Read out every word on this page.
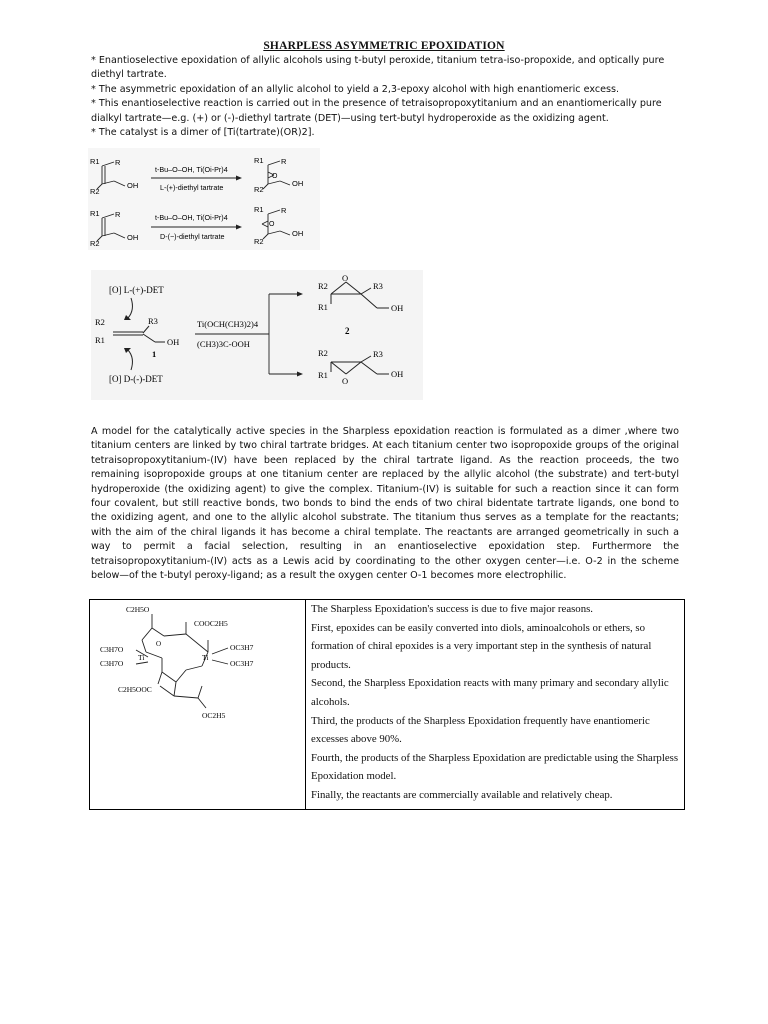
SHARPLESS ASYMMETRIC EPOXIDATION

* Enantioselective epoxidation of allylic alcohols using t-butyl peroxide, titanium tetra-iso-propoxide, and optically pure diethyl tartrate.

* The asymmetric epoxidation of an allylic alcohol to yield a 2,3-epoxy alcohol with high enantiomeric excess.

* This enantioselective reaction is carried out in the presence of tetraisopropoxytitanium and an enantiomerically pure dialkyl tartrate—e.g. (+) or (-)-diethyl tartrate (DET)—using tert-butyl hydroperoxide as the oxidizing agent.

* The catalyst is a dimer of [Ti(tartrate)(OR)2].

R1 R
R2
OH
t-Bu–O–OH, Ti(Oi-Pr)4
L-(+)-diethyl tartrate
R1 R
O
R2
OH
R1 R
R2
OH
t-Bu–O–OH, Ti(Oi-Pr)4
D-(−)-diethyl tartrate
R1 R
O
R2
OH
[O] L-(+)-DET
[O] D-(-)-DET
R2	R3
R1	OH
1
Ti(OCH(CH3)2)4
(CH3)3C-OOH
O
R2	R3
R1	OH
2
O
R2	R3
R1	OH

A model for the catalytically active species in the Sharpless epoxidation reaction is formulated as a dimer ,where two titanium centers are linked by two chiral tartrate bridges. At each titanium center two isopropoxide groups of the original tetraisopropoxytitanium-(IV) have been replaced by the chiral tartrate ligand. As the reaction proceeds, the two remaining isopropoxide groups at one titanium center are replaced by the allylic alcohol (the substrate) and tert-butyl hydroperoxide (the oxidizing agent) to give the complex. Titanium-(IV) is suitable for such a reaction since it can form four covalent, but still reactive bonds, two bonds to bind the ends of two chiral bidentate tartrate ligands, one bond to the oxidizing agent, and one to the allylic alcohol substrate. The titanium thus serves as a template for the reactants; with the aim of the chiral ligands it has become a chiral template. The reactants are arranged geometrically in such a way to permit a facial selection, resulting in an enantioselective epoxidation step. Furthermore the tetraisopropoxytitanium-(IV) acts as a Lewis acid by coordinating to the other oxygen center—i.e. O-2 in the scheme below—of the t-butyl peroxy-ligand; as a result the oxygen center O-1 becomes more electrophilic.

C2H5O
COOC2H5
C3H7O
C3H7O
Ti	Ti
O	OC3H7
OC3H7
C2H5OOC
OC2H5

The Sharpless Epoxidation's success is due to five major reasons.

First, epoxides can be easily converted into diols, aminoalcohols or ethers, so formation of chiral epoxides is a very important step in the synthesis of natural products.

Second, the Sharpless Epoxidation reacts with many primary and secondary allylic alcohols.

Third, the products of the Sharpless Epoxidation frequently have enantiomeric excesses above 90%.

Fourth, the products of the Sharpless Epoxidation are predictable using the Sharpless Epoxidation model.

Finally, the reactants are commercially available and relatively cheap.
